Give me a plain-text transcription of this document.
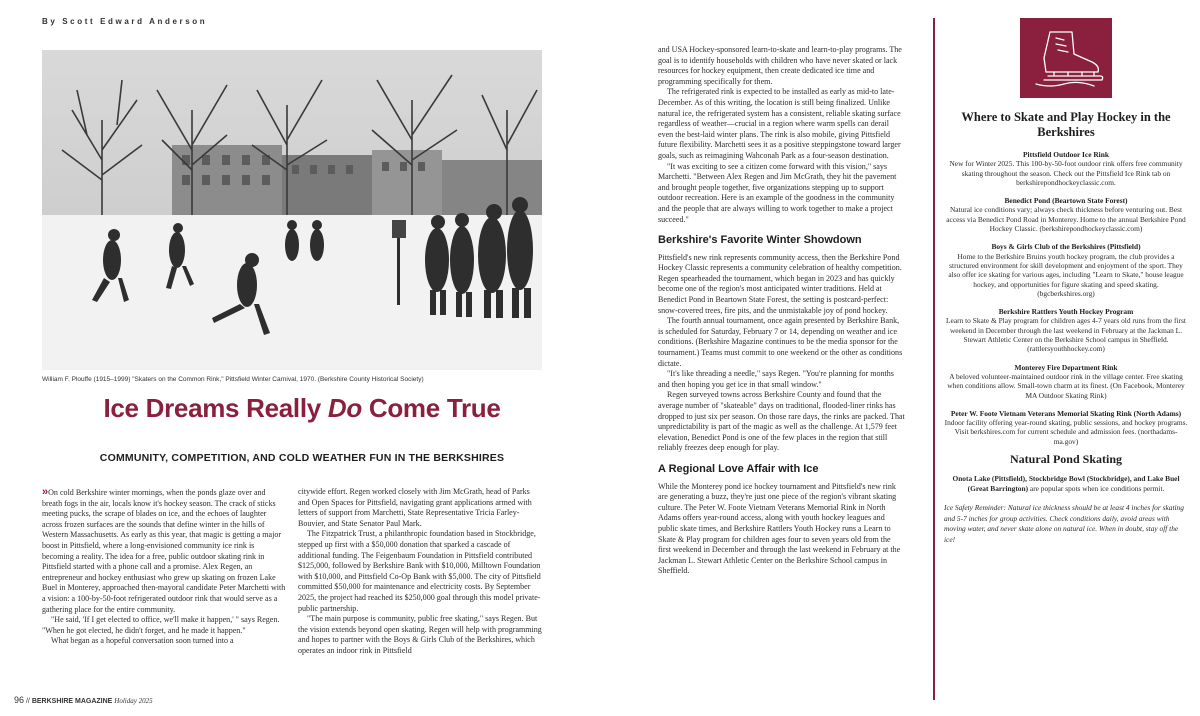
By Scott Edward Anderson
William F. Plouffe (1915–1999) "Skaters on the Common Rink," Pittsfield Winter Carnival, 1970. (Berkshire County Historical Society)
Ice Dreams Really Do Come True
COMMUNITY, COMPETITION, AND COLD WEATHER FUN IN THE BERKSHIRES

»On cold Berkshire winter mornings, when the ponds glaze over and breath fogs in the air, locals know it's hockey season. The crack of sticks meeting pucks, the scrape of blades on ice, and the echoes of laughter across frozen surfaces are the sounds that define winter in the hills of Western Massachusetts. As early as this year, that magic is getting a major boost in Pittsfield, where a long-envisioned community ice rink is becoming a reality. The idea for a free, public outdoor skating rink in Pittsfield started with a phone call and a promise. Alex Regen, an entrepreneur and hockey enthusiast who grew up skating on frozen Lake Buel in Monterey, approached then-mayoral candidate Peter Marchetti with a vision: a 100-by-50-foot refrigerated outdoor rink that would serve as a gathering place for the entire community.

"He said, 'If I get elected to office, we'll make it happen,' " says Regen. "When he got elected, he didn't forget, and he made it happen."

What began as a hopeful conversation soon turned into a

citywide effort. Regen worked closely with Jim McGrath, head of Parks and Open Spaces for Pittsfield, navigating grant applications armed with letters of support from Marchetti, State Representative Tricia Farley-Bouvier, and State Senator Paul Mark.

The Fitzpatrick Trust, a philanthropic foundation based in Stockbridge, stepped up first with a $50,000 donation that sparked a cascade of additional funding. The Feigenbaum Foundation in Pittsfield contributed $125,000, followed by Berkshire Bank with $10,000, Milltown Foundation with $10,000, and Pittsfield Co-Op Bank with $5,000. The city of Pittsfield committed $50,000 for maintenance and electricity costs. By September 2025, the project had reached its $250,000 goal through this model private-public partnership.

"The main purpose is community, public free skating," says Regen. But the vision extends beyond open skating. Regen will help with programming and hopes to partner with the Boys & Girls Club of the Berkshires, which operates an indoor rink in Pittsfield

and USA Hockey-sponsored learn-to-skate and learn-to-play programs. The goal is to identify households with children who have never skated or lack resources for hockey equipment, then create dedicated ice time and programming specifically for them.

The refrigerated rink is expected to be installed as early as mid-to late-December. As of this writing, the location is still being finalized. Unlike natural ice, the refrigerated system has a consistent, reliable skating surface regardless of weather—crucial in a region where warm spells can derail even the best-laid winter plans. The rink is also mobile, giving Pittsfield future flexibility. Marchetti sees it as a positive steppingstone toward larger goals, such as reimagining Wahconah Park as a four-season destination.

"It was exciting to see a citizen come forward with this vision," says Marchetti. "Between Alex Regen and Jim McGrath, they hit the pavement and brought people together, five organizations stepping up to support outdoor recreation. Here is an example of the goodness in the community and the people that are always willing to work together to make a project succeed."

Berkshire's Favorite Winter Showdown

Pittsfield's new rink represents community access, then the Berkshire Pond Hockey Classic represents a community celebration of healthy competition. Regen spearheaded the tournament, which began in 2023 and has quickly become one of the region's most anticipated winter traditions. Held at Benedict Pond in Beartown State Forest, the setting is postcard-perfect: snow-covered trees, fire pits, and the unmistakable joy of pond hockey.

The fourth annual tournament, once again presented by Berkshire Bank, is scheduled for Saturday, February 7 or 14, depending on weather and ice conditions. (Berkshire Magazine continues to be the media sponsor for the tournament.) Teams must commit to one weekend or the other as conditions dictate.

"It's like threading a needle," says Regen. "You're planning for months and then hoping you get ice in that small window."

Regen surveyed towns across Berkshire County and found that the average number of "skateable" days on traditional, flooded-liner rinks has dropped to just six per season. On those rare days, the rinks are packed. That unpredictability is part of the magic as well as the challenge. At 1,579 feet elevation, Benedict Pond is one of the few places in the region that still reliably freezes deep enough for play.

A Regional Love Affair with Ice

While the Monterey pond ice hockey tournament and Pittsfield's new rink are generating a buzz, they're just one piece of the region's vibrant skating culture. The Peter W. Foote Vietnam Veterans Memorial Rink in North Adams offers year-round access, along with youth hockey leagues and public skate times, and Berkshire Rattlers Youth Hockey runs a Learn to Skate & Play program for children ages four to seven years old from the first weekend in December and through the last weekend in February at the Jackman L. Stewart Athletic Center on the Berkshire School campus in Sheffield.

96 // BERKSHIRE MAGAZINE Holiday 2025
Where to Skate and Play Hockey in the Berkshires
Pittsfield Outdoor Ice Rink
New for Winter 2025. This 100-by-50-foot outdoor rink offers free community skating throughout the season. Check out the Pittsfield Ice Rink tab on berkshirepondhockeyclassic.com.
Benedict Pond (Beartown State Forest)
Natural ice conditions vary; always check thickness before venturing out. Best access via Benedict Pond Road in Monterey. Home to the annual Berkshire Pond Hockey Classic. (berkshirepondhockeyclassic.com)
Boys & Girls Club of the Berkshires (Pittsfield)
Home to the Berkshire Bruins youth hockey program, the club provides a structured environment for skill development and enjoyment of the sport. They also offer ice skating for various ages, including "Learn to Skate," house league hockey, and opportunities for figure skating and speed skating. (bgcberkshires.org)
Berkshire Rattlers Youth Hockey Program
Learn to Skate & Play program for children ages 4-7 years old runs from the first weekend in December through the last weekend in February at the Jackman L. Stewart Athletic Center on the Berkshire School campus in Sheffield. (rattlersyouthhockey.com)
Monterey Fire Department Rink
A beloved volunteer-maintained outdoor rink in the village center. Free skating when conditions allow. Small-town charm at its finest. (On Facebook, Monterey MA Outdoor Skating Rink)
Peter W. Foote Vietnam Veterans Memorial Skating Rink (North Adams)
Indoor facility offering year-round skating, public sessions, and hockey programs. Visit berkshires.com for current schedule and admission fees. (northadams-ma.gov)
Natural Pond Skating
Onota Lake (Pittsfield), Stockbridge Bowl (Stockbridge), and Lake Buel (Great Barrington) are popular spots when ice conditions permit.
Ice Safety Reminder: Natural ice thickness should be at least 4 inches for skating and 5-7 inches for group activities. Check conditions daily, avoid areas with moving water, and never skate alone on natural ice. When in doubt, stay off the ice!
